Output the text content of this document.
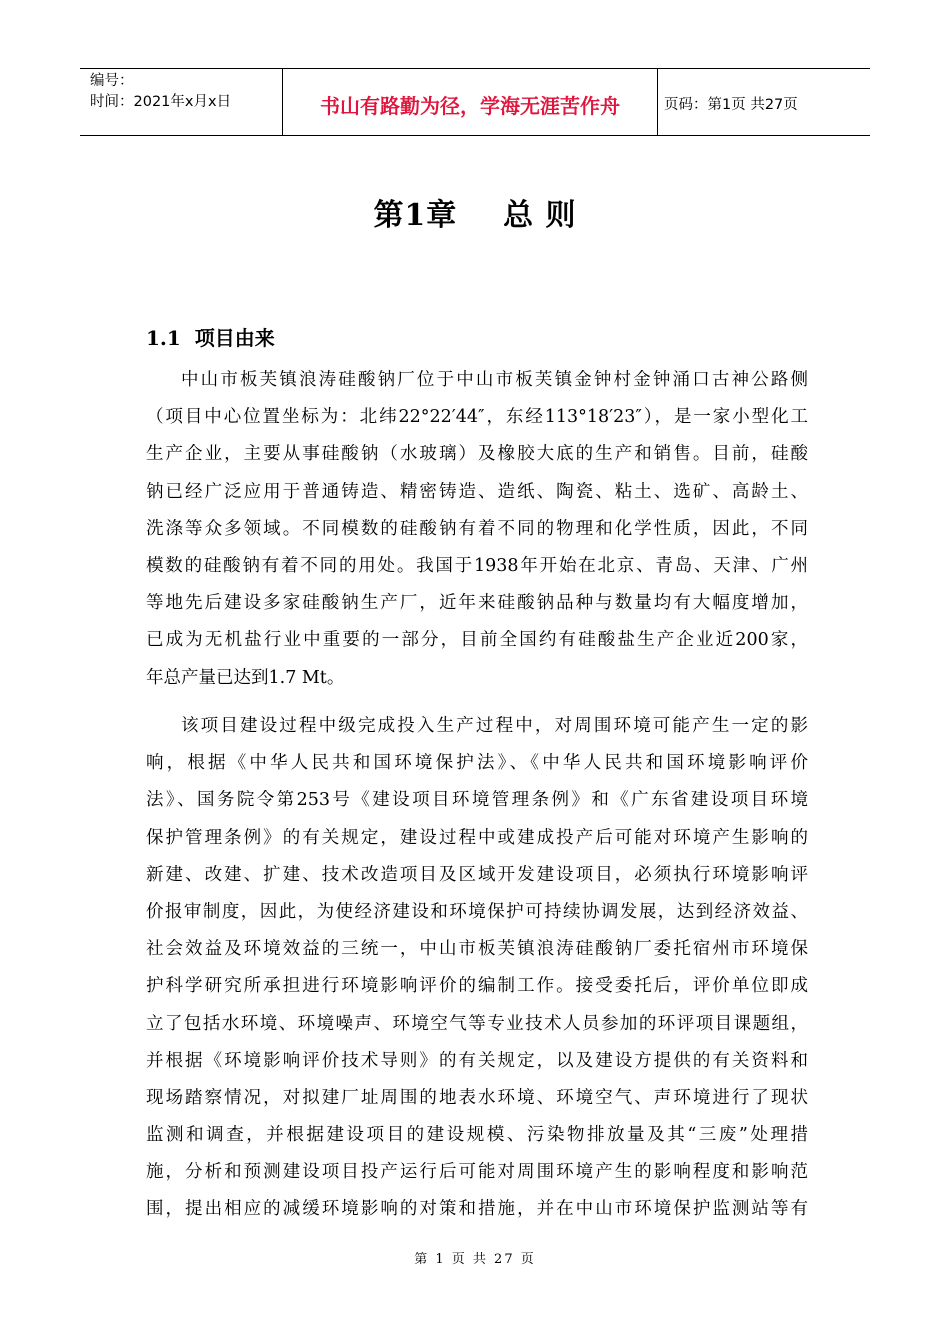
编号：
时间：2021年x月x日	书山有路勤为径，学海无涯苦作舟	页码：第1页 共27页
第1章    总 则
1.1  项目由来
中山市板芙镇浪涛硅酸钠厂位于中山市板芙镇金钟村金钟涌口古神公路侧
（项目中心位置坐标为：北纬22°22′44″，东经113°18′23″），是一家小型化工
生产企业，主要从事硅酸钠（水玻璃）及橡胶大底的生产和销售。目前，硅酸
钠已经广泛应用于普通铸造、精密铸造、造纸、陶瓷、粘土、选矿、高龄土、
洗涤等众多领域。不同模数的硅酸钠有着不同的物理和化学性质，因此，不同
模数的硅酸钠有着不同的用处。我国于1938年开始在北京、青岛、天津、广州
等地先后建设多家硅酸钠生产厂，近年来硅酸钠品种与数量均有大幅度增加，
已成为无机盐行业中重要的一部分，目前全国约有硅酸盐生产企业近200家，
年总产量已达到1.7 Mt。
该项目建设过程中级完成投入生产过程中，对周围环境可能产生一定的影
响，根据《中华人民共和国环境保护法》、《中华人民共和国环境影响评价
法》、国务院令第253号《建设项目环境管理条例》和《广东省建设项目环境
保护管理条例》的有关规定，建设过程中或建成投产后可能对环境产生影响的
新建、改建、扩建、技术改造项目及区域开发建设项目，必须执行环境影响评
价报审制度，因此，为使经济建设和环境保护可持续协调发展，达到经济效益、
社会效益及环境效益的三统一，中山市板芙镇浪涛硅酸钠厂委托宿州市环境保
护科学研究所承担进行环境影响评价的编制工作。接受委托后，评价单位即成
立了包括水环境、环境噪声、环境空气等专业技术人员参加的环评项目课题组，
并根据《环境影响评价技术导则》的有关规定，以及建设方提供的有关资料和
现场踏察情况，对拟建厂址周围的地表水环境、环境空气、声环境进行了现状
监测和调查，并根据建设项目的建设规模、污染物排放量及其“三废”处理措
施，分析和预测建设项目投产运行后可能对周围环境产生的影响程度和影响范
围，提出相应的减缓环境影响的对策和措施，并在中山市环境保护监测站等有
第 1 页 共 27 页
